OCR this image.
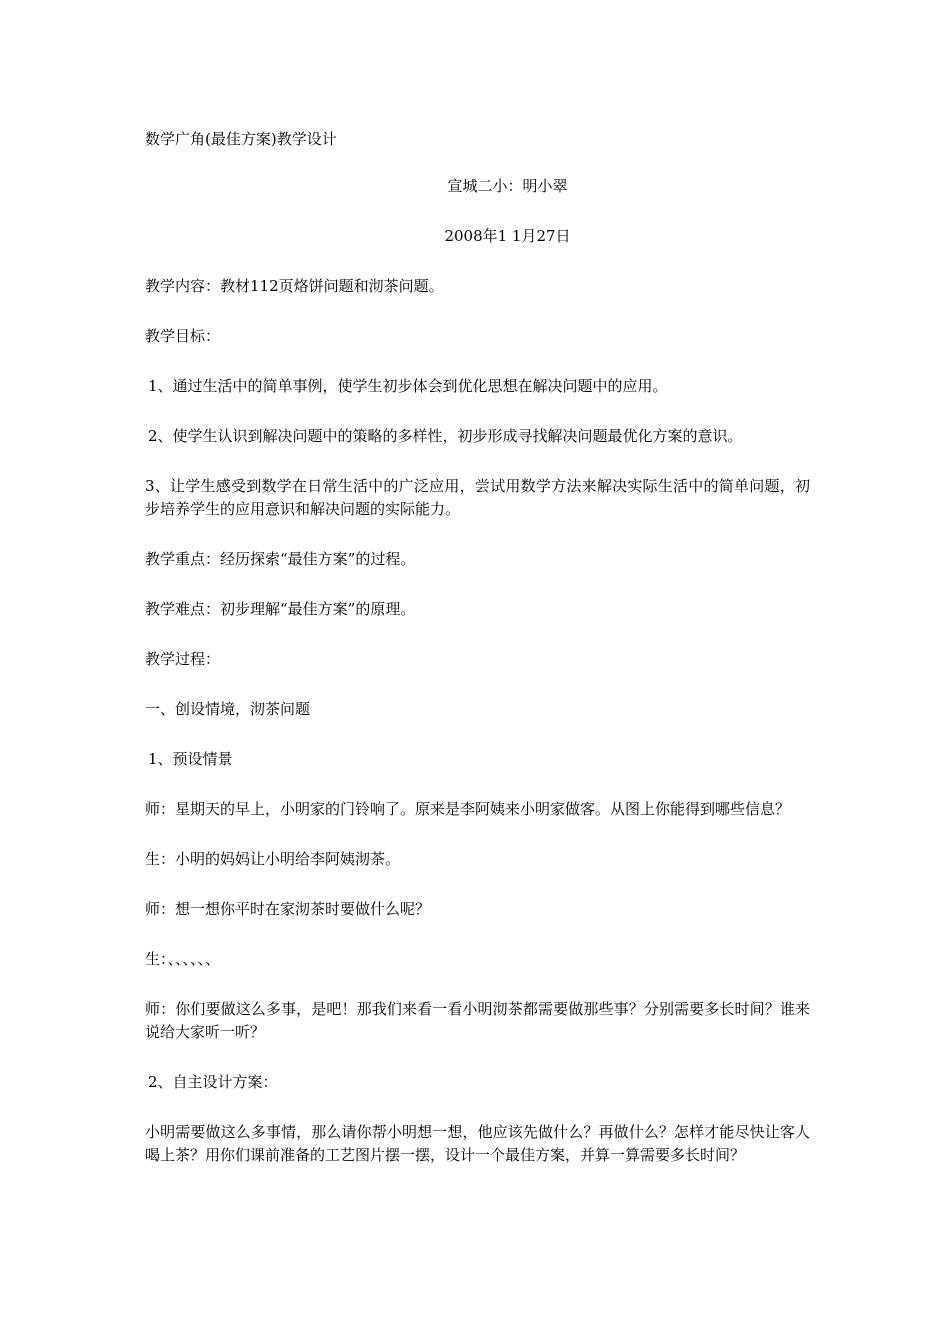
数学广角(最佳方案)教学设计

宣城二小：明小翠

2008年1 1月27日

教学内容：教材112页烙饼问题和沏茶问题。

教学目标：

1、通过生活中的简单事例，使学生初步体会到优化思想在解决问题中的应用。

2、使学生认识到解决问题中的策略的多样性，初步形成寻找解决问题最优化方案的意识。

3、让学生感受到数学在日常生活中的广泛应用，尝试用数学方法来解决实际生活中的简单问题，初步培养学生的应用意识和解决问题的实际能力。

教学重点：经历探索“最佳方案”的过程。

教学难点：初步理解“最佳方案”的原理。

教学过程：

一、创设情境，沏茶问题

1、预设情景

师：星期天的早上，小明家的门铃响了。原来是李阿姨来小明家做客。从图上你能得到哪些信息？

生：小明的妈妈让小明给李阿姨沏茶。

师：想一想你平时在家沏茶时要做什么呢？

生：、、、、、、

师：你们要做这么多事，是吧！那我们来看一看小明沏茶都需要做那些事？分别需要多长时间？谁来说给大家听一听？

2、自主设计方案：

小明需要做这么多事情，那么请你帮小明想一想，他应该先做什么？再做什么？怎样才能尽快让客人喝上茶？用你们课前准备的工艺图片摆一摆，设计一个最佳方案，并算一算需要多长时间？
